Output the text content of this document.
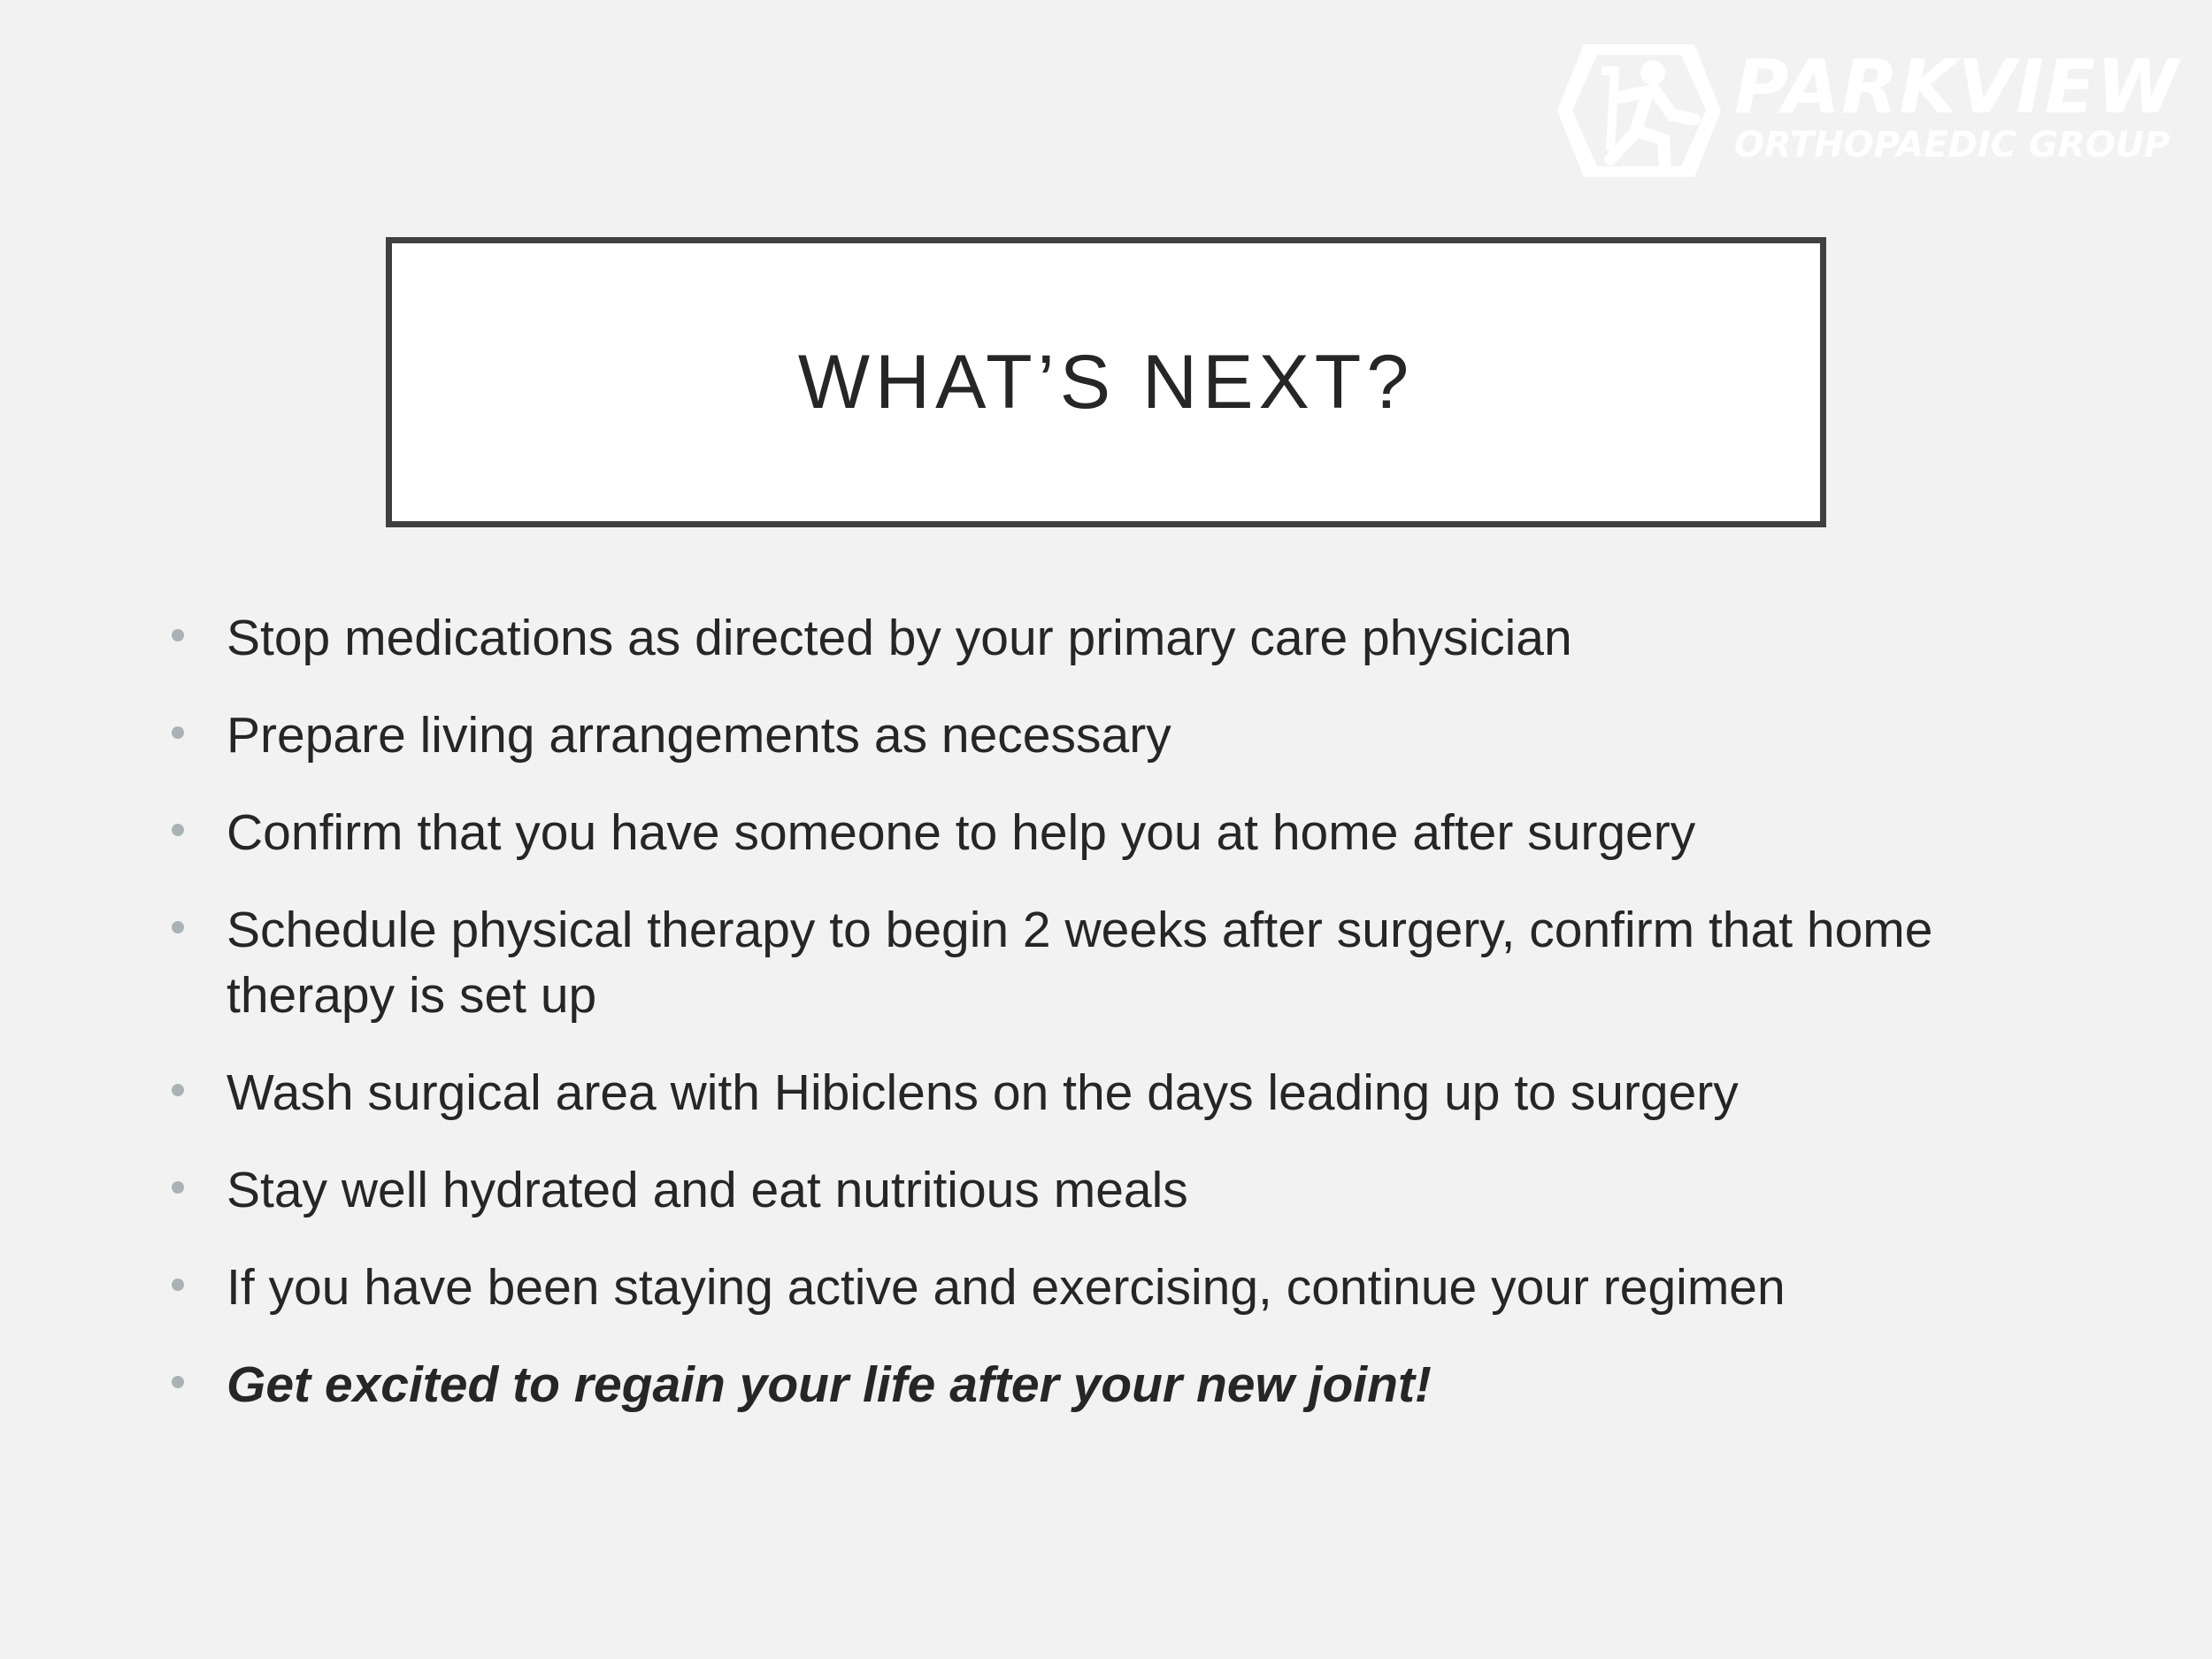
PARKVIEW
ORTHOPAEDIC GROUP
WHAT’S NEXT?
Stop medications as directed by your primary care physician
Prepare living arrangements as necessary
Confirm that you have someone to help you at home after surgery
Schedule physical therapy to begin 2 weeks after surgery, confirm that home therapy is set up
Wash surgical area with Hibiclens on the days leading up to surgery
Stay well hydrated and eat nutritious meals
If you have been staying active and exercising, continue your regimen
Get excited to regain your life after your new joint!
